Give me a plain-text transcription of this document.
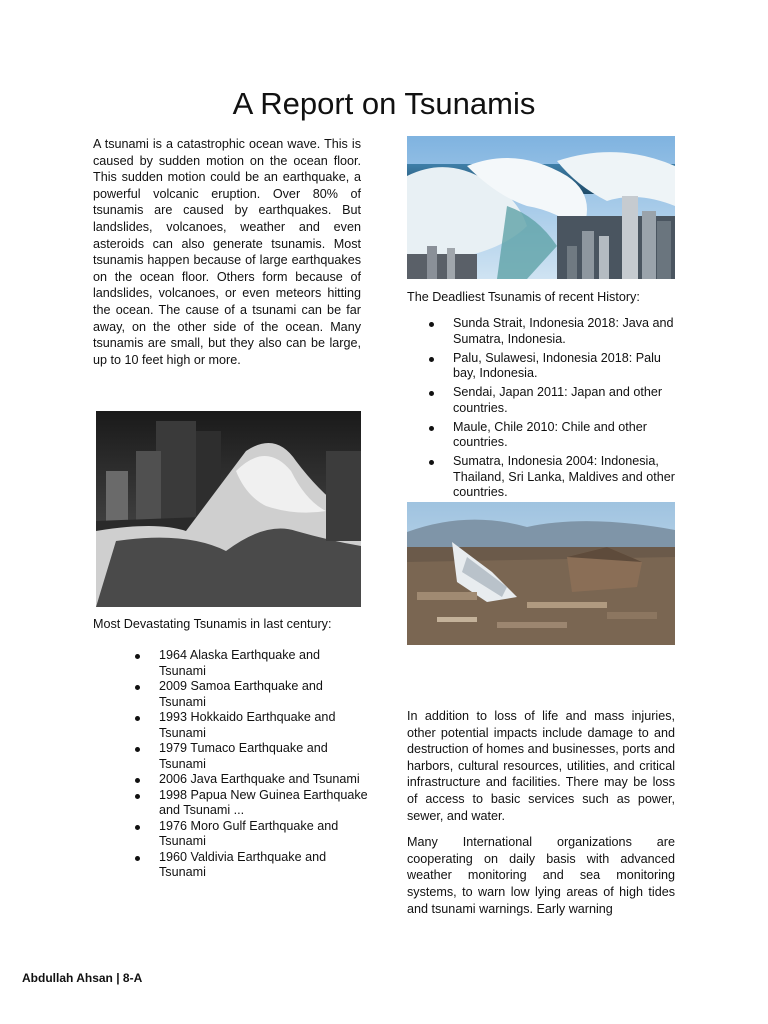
A Report on Tsunamis

A tsunami is a catastrophic ocean wave. This is caused by sudden motion on the ocean floor. This sudden motion could be an earthquake, a powerful volcanic eruption. Over 80% of tsunamis are caused by earthquakes. But landslides, volcanoes, weather and even asteroids can also generate tsunamis. Most tsunamis happen because of large earthquakes on the ocean floor. Others form because of landslides, volcanoes, or even meteors hitting the ocean. The cause of a tsunami can be far away, on the other side of the ocean. Many tsunamis are small, but they also can be large, up to 10 feet high or more.

The Deadliest Tsunamis of recent History:
Sunda Strait, Indonesia 2018: Java and Sumatra, Indonesia.
Palu, Sulawesi, Indonesia 2018: Palu bay, Indonesia.
Sendai, Japan 2011: Japan and other countries.
Maule, Chile 2010: Chile and other countries.
Sumatra, Indonesia 2004: Indonesia, Thailand, Sri Lanka, Maldives and other countries.
Most Devastating Tsunamis in last century:
1964 Alaska Earthquake and Tsunami
2009 Samoa Earthquake and Tsunami
1993 Hokkaido Earthquake and Tsunami
1979 Tumaco Earthquake and Tsunami
2006 Java Earthquake and Tsunami
1998 Papua New Guinea Earthquake and Tsunami ...
1976 Moro Gulf Earthquake and Tsunami
1960 Valdivia Earthquake and Tsunami

In addition to loss of life and mass injuries, other potential impacts include damage to and destruction of homes and businesses, ports and harbors, cultural resources, utilities, and critical infrastructure and facilities. There may be loss of access to basic services such as power, sewer, and water.

Many International organizations are cooperating on daily basis with advanced weather monitoring and sea monitoring systems, to warn low lying areas of high tides and tsunami warnings. Early warning

Abdullah Ahsan | 8-A
